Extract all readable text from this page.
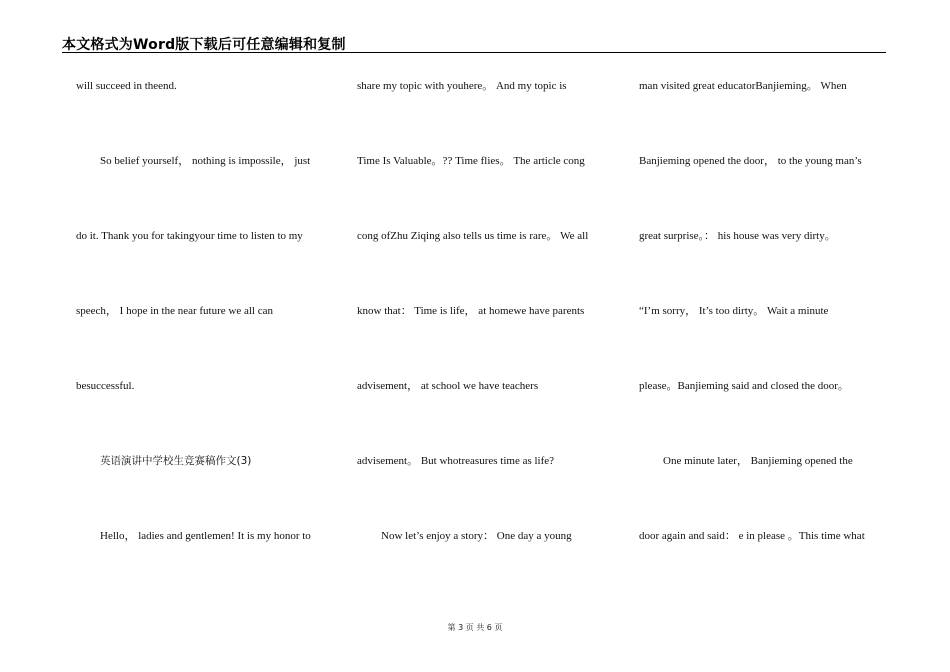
本文格式为Word版下载后可任意编辑和复制
will succeed in theend.
So belief yourself， nothing is impossile， just
do it. Thank you for takingyour time to listen to my
speech， I hope in the near future we all can
besuccessful.
英语演讲中学校生竞赛稿作文(3)
Hello， ladies and gentlemen! It is my honor to
share my topic with youhere。 And my topic is
Time Is Valuable。?? Time flies。 The article cong
cong ofZhu Ziqing also tells us time is rare。 We all
know that： Time is life， at homewe have parents
advisement， at school we have teachers
advisement。 But whotreasures time as life?
Now let’s enjoy a story： One day a young
man visited great educatorBanjieming。 When
Banjieming opened the door， to the young man’s
great surprise。： his house was very dirty。
“I’m sorry， It’s too dirty。 Wait a minute
please。Banjieming said and closed the door。
One minute later， Banjieming opened the
door again and said： e in please 。This time what
第 3 页 共 6 页
